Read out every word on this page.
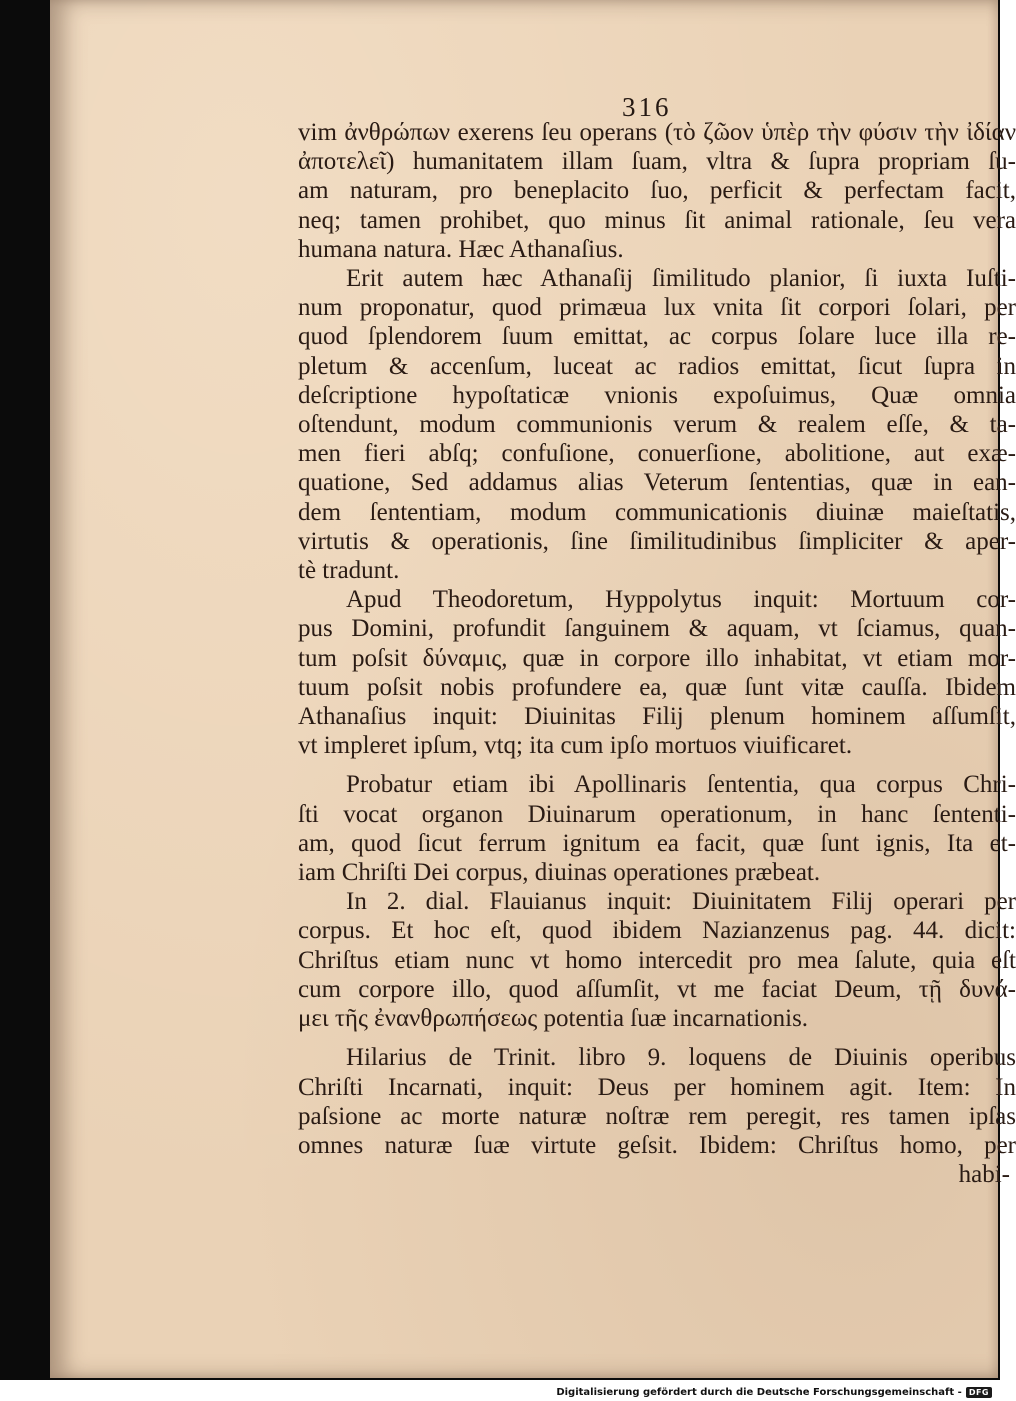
316
vim ἀνθρώπων exerens ſeu operans (τὸ ζῶον ὑπὲρ τὴν φύσιν τὴν ἰδίαν
ἀποτελεῖ) humanitatem illam ſuam, vltra & ſupra propriam ſu-
am naturam, pro beneplacito ſuo, perficit & perfectam facit,
neq; tamen prohibet, quo minus ſit animal rationale, ſeu vera
humana natura. Hæc Athanaſius.
Erit autem hæc Athanaſij ſimilitudo planior, ſi iuxta Iuſti-
num proponatur, quod primæua lux vnita ſit corpori ſolari, per
quod ſplendorem ſuum emittat, ac corpus ſolare luce illa re-
pletum & accenſum, luceat ac radios emittat, ſicut ſupra in
deſcriptione hypoſtaticæ vnionis expoſuimus, Quæ omnia
oſtendunt, modum communionis verum & realem eſſe, & ta-
men fieri abſq; confuſione, conuerſione, abolitione, aut exæ-
quatione, Sed addamus alias Veterum ſententias, quæ in ean-
dem ſententiam, modum communicationis diuinæ maieſtatis,
virtutis & operationis, ſine ſimilitudinibus ſimpliciter & aper-
tè tradunt.
Apud Theodoretum, Hyppolytus inquit: Mortuum cor-
pus Domini, profundit ſanguinem & aquam, vt ſciamus, quan-
tum poſsit δύναμις, quæ in corpore illo inhabitat, vt etiam mor-
tuum poſsit nobis profundere ea, quæ ſunt vitæ cauſſa. Ibidem
Athanaſius inquit: Diuinitas Filij plenum hominem aſſumſit,
vt impleret ipſum, vtq; ita cum ipſo mortuos viuificaret.
Probatur etiam ibi Apollinaris ſententia, qua corpus Chri-
ſti vocat organon Diuinarum operationum, in hanc ſententi-
am, quod ſicut ferrum ignitum ea facit, quæ ſunt ignis, Ita et-
iam Chriſti Dei corpus, diuinas operationes præbeat.
In 2. dial. Flauianus inquit: Diuinitatem Filij operari per
corpus. Et hoc eſt, quod ibidem Nazianzenus pag. 44. dicit:
Chriſtus etiam nunc vt homo intercedit pro mea ſalute, quia eſt
cum corpore illo, quod aſſumſit, vt me faciat Deum, τῇ δυνά-
μει τῆς ἐνανθρωπήσεως potentia ſuæ incarnationis.
Hilarius de Trinit. libro 9. loquens de Diuinis operibus
Chriſti Incarnati, inquit: Deus per hominem agit. Item: In
paſsione ac morte naturæ noſtræ rem peregit, res tamen ipſas
omnes naturæ ſuæ virtute geſsit. Ibidem: Chriſtus homo, per
habi-
Digitalisierung gefördert durch die Deutsche Forschungsgemeinschaft - DFG
